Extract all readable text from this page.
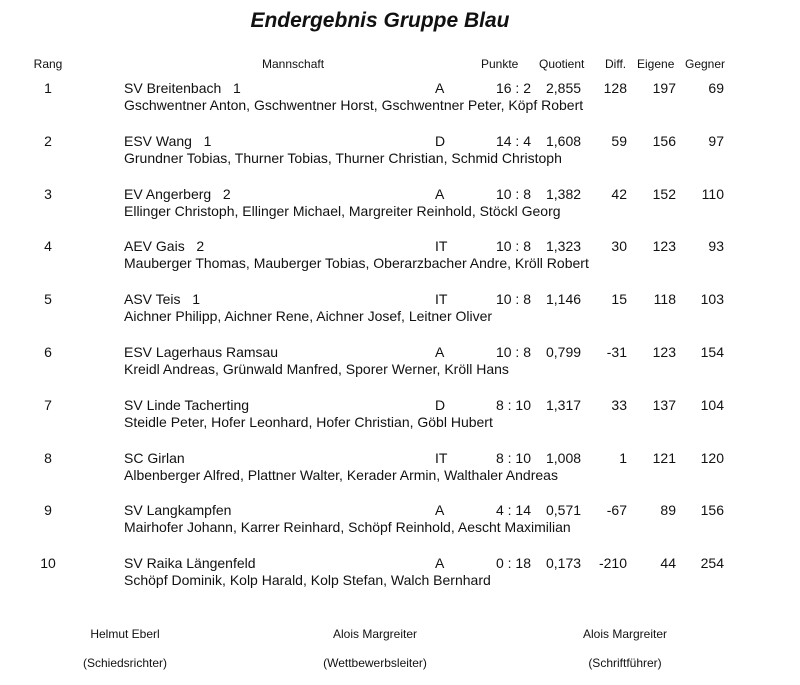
Endergebnis Gruppe Blau
Rang	Mannschaft	Punkte Quotient Diff. Eigene Gegner
1	SV Breitenbach   1	A	16 : 2 2,855	128	197	69
Gschwentner Anton, Gschwentner Horst, Gschwentner Peter, Köpf Robert
2	ESV Wang   1	D	14 : 4 1,608	59	156	97
Grundner Tobias, Thurner Tobias, Thurner Christian, Schmid Christoph
3	EV Angerberg   2	A	10 : 8 1,382	42	152	110
Ellinger Christoph, Ellinger Michael, Margreiter Reinhold, Stöckl Georg
4	AEV Gais   2	IT	10 : 8 1,323	30	123	93
Mauberger Thomas, Mauberger Tobias, Oberarzbacher Andre, Kröll Robert
5	ASV Teis   1	IT	10 : 8 1,146	15	118	103
Aichner Philipp, Aichner Rene, Aichner Josef, Leitner Oliver
6	ESV Lagerhaus Ramsau	A	10 : 8 0,799	-31	123	154
Kreidl Andreas, Grünwald Manfred, Sporer Werner, Kröll Hans
7	SV Linde Tacherting	D	8 : 10 1,317	33	137	104
Steidle Peter, Hofer Leonhard, Hofer Christian, Göbl Hubert
8	SC Girlan	IT	8 : 10 1,008	1	121	120
Albenberger Alfred, Plattner Walter, Kerader Armin, Walthaler Andreas
9	SV Langkampfen	A	4 : 14 0,571	-67	89	156
Mairhofer Johann, Karrer Reinhard, Schöpf Reinhold, Aescht Maximilian
10	SV Raika Längenfeld	A	0 : 18 0,173	-210	44	254
Schöpf Dominik, Kolp Harald, Kolp Stefan, Walch Bernhard
Helmut Eberl
(Schiedsrichter)
Alois Margreiter
(Wettbewerbsleiter)
Alois Margreiter
(Schriftführer)
